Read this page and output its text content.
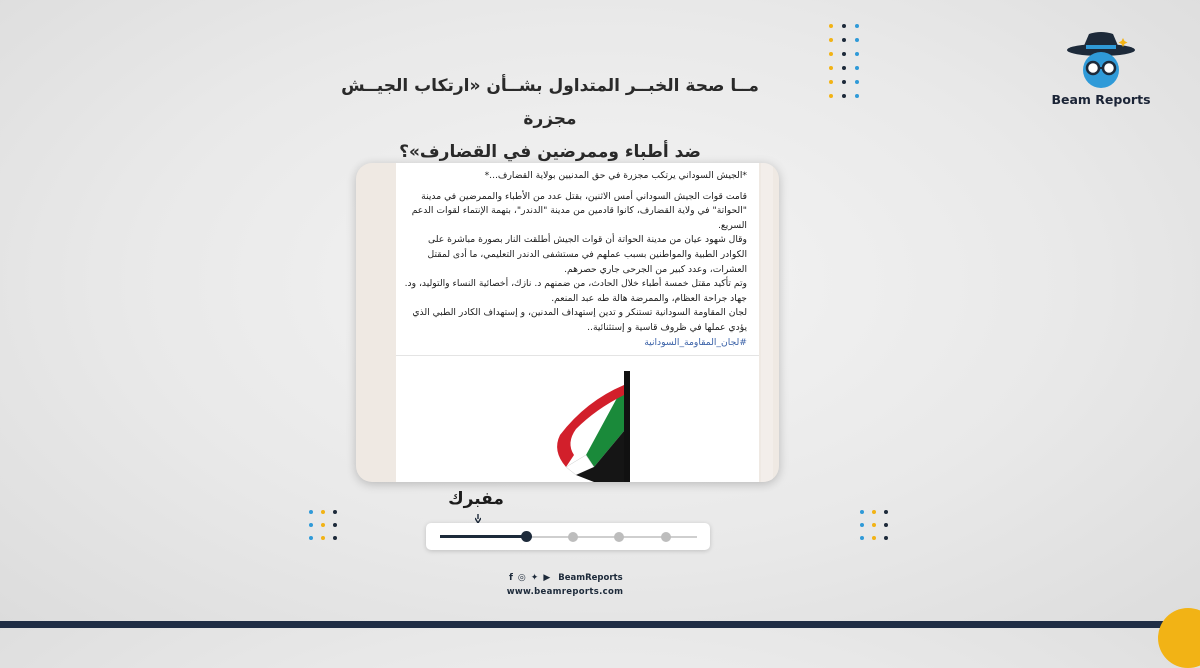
Beam Reports
مــا صحة الخبــر المتداول بشــأن «ارتكاب الجيــش مجزرة
ضد أطباء وممرضين في القضارف»؟

*الجيش السوداني يرتكب مجزرة في حق المدنيين بولاية القضارف...*

قامت قوات الجيش السوداني أمس الاثنين، بقتل عدد من الأطباء والممرضين في مدينة "الحواتة" في ولاية القضارف، كانوا قادمين من مدينة "الدندر"، بتهمة الإنتماء لقوات الدعم السريع.

وقال شهود عيان من مدينة الحواتة أن قوات الجيش أطلقت النار بصورة مباشرة على الكوادر الطبية والمواطنين بسبب عملهم في مستشفى الدندر التعليمي، ما أدى لمقتل العشرات، وعدد كبير من الجرحى جاري حصرهم.

وتم تأكيد مقتل خمسة أطباء خلال الحادث، من ضمنهم د. نازك، أخصائية النساء والتوليد، ود. جهاد جراحة العظام، والممرضة هالة طه عبد المنعم.

لجان المقاومة السودانية تستنكر و تدين إستهداف المدنين، و إستهداف الكادر الطبي الذي يؤدي عملها في ظروف قاسية و إستثنائية..

#لجان_المقاومة_السودانية

مفبرك
f ◎ ✦ ▶ BeamReports
www.beamreports.com
